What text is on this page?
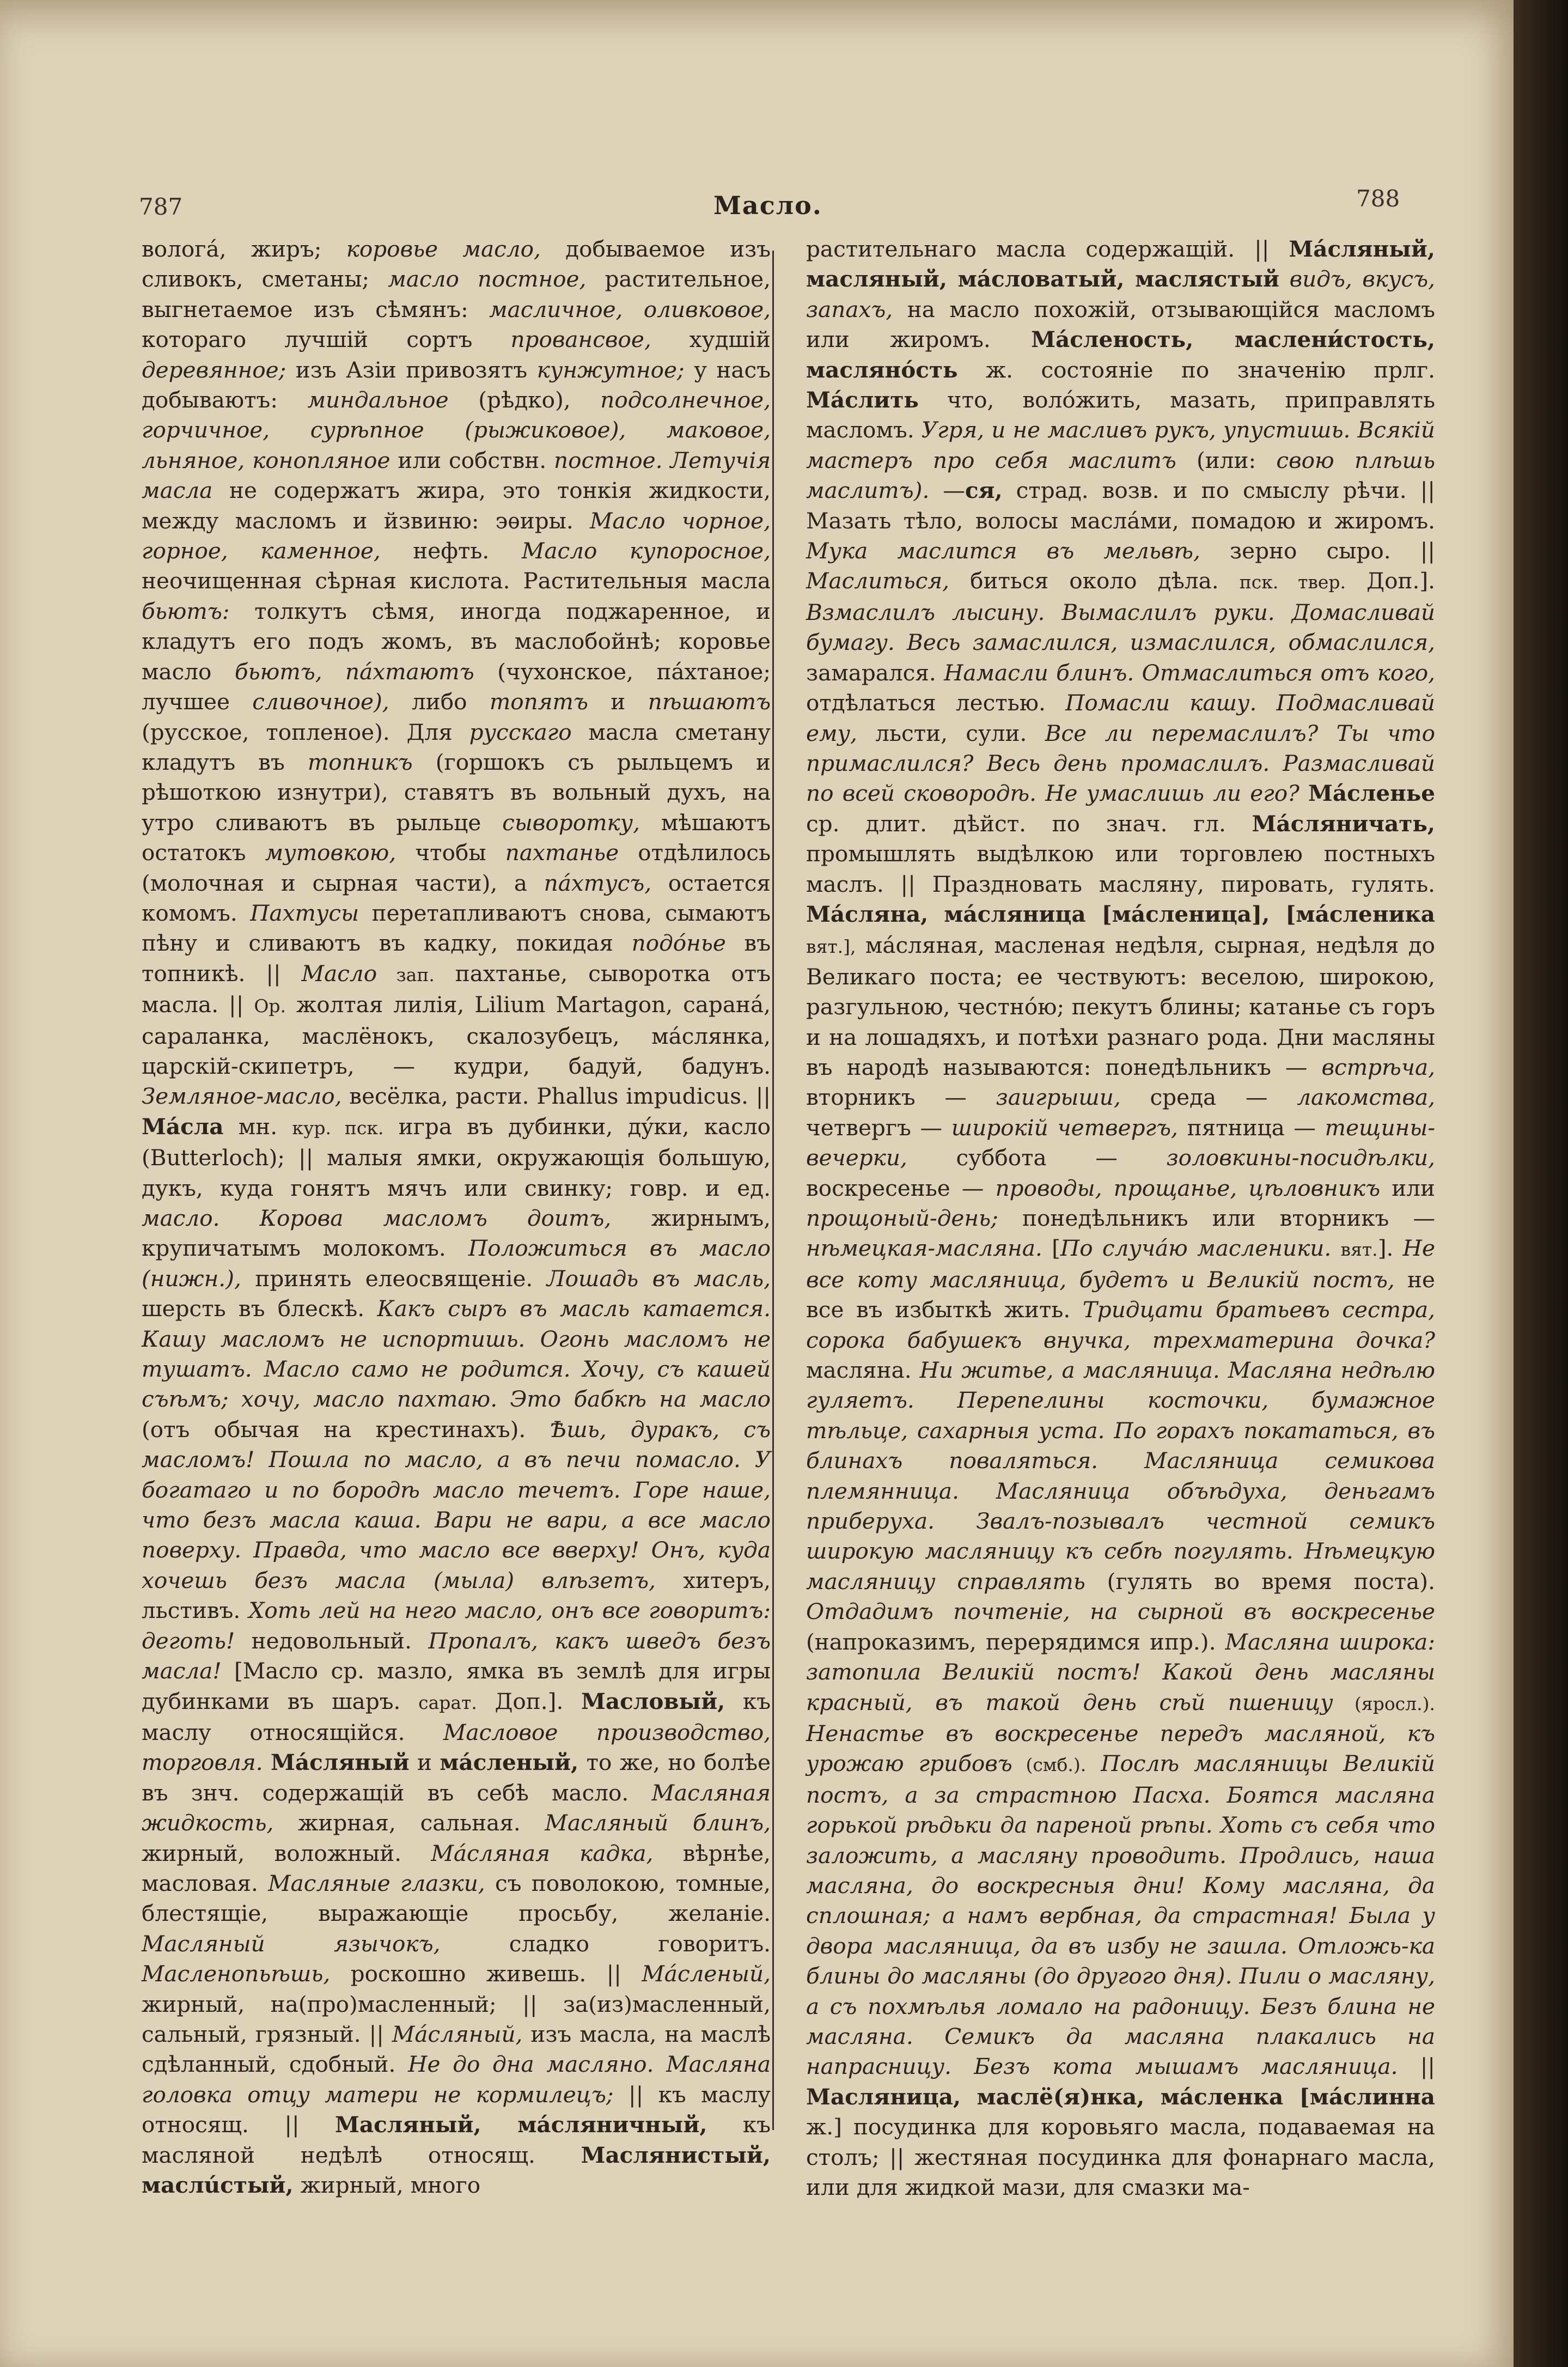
787	Масло.	788

вологá, жиръ; коровье масло, добываемое изъ сливокъ, сметаны; масло постное, растительное, выгнетаемое изъ сѣмянъ: масличное, оливковое, котораго лучшій сортъ провансвое, худшій деревянное; изъ Азіи привозятъ кунжутное; у насъ добываютъ: миндальное (рѣдко), подсолнечное, горчичное, сурѣпное (рыжиковое), маковое, льняное, конопляное или собствн. постное. Летучія масла не содержатъ жира, это тонкія жидкости, между масломъ и йзвиню: эѳиры. Масло чорное, горное, каменное, нефть. Масло купоросное, неочищенная сѣрная кислота. Растительныя масла бьютъ: толкутъ сѣмя, иногда поджаренное, и кладутъ его подъ жомъ, въ маслобойнѣ; коровье масло бьютъ, пáхтаютъ (чухонское, пáхтаное; лучшее сливочное), либо топятъ и пѣшаютъ (русское, топленое). Для русскаго масла сметану кладутъ въ топникъ (горшокъ съ рыльцемъ и рѣшоткою изнутри), ставятъ въ вольный духъ, на утро сливаютъ въ рыльце сыворотку, мѣшаютъ остатокъ мутовкою, чтобы пахтанье отдѣлилось (молочная и сырная части), а пáхтусъ, остается комомъ. Пахтусы перетапливаютъ снова, сымаютъ пѣну и сливаютъ въ кадку, покидая подóнье въ топникѣ. || Масло зап. пахтанье, сыворотка отъ масла. || Ор. жолтая лилія, Lilium Martagon, саранá, сараланка, маслёнокъ, скалозубецъ, мáслянка, царскій-скипетръ, — кудри, бадуй, бадунъ. Земляное-масло, весёлка, расти. Phallus impudicus. || Мáсла мн. кур. пск. игра въ дубинки, дýки, касло (Butterloch); || малыя ямки, окружающія большую, дукъ, куда гонятъ мячъ или свинку; говр. и ед. масло. Корова масломъ доитъ, жирнымъ, крупичатымъ молокомъ. Положиться въ масло (нижн.), принять елеосвященіе. Лошадь въ масль, шерсть въ блескѣ. Какъ сыръ въ масль катается. Кашу масломъ не испортишь. Огонь масломъ не тушатъ. Масло само не родится. Хочу, съ кашей съѣмъ; хочу, масло пахтаю. Это бабкѣ на масло (отъ обычая на крестинахъ). Ѣшь, дуракъ, съ масломъ! Пошла по масло, а въ печи помасло. У богатаго и по бородѣ масло течетъ. Горе наше, что безъ масла каша. Вари не вари, а все масло поверху. Правда, что масло все вверху! Онъ, куда хочешь безъ масла (мыла) влѣзетъ, хитеръ, льстивъ. Хоть лей на него масло, онъ все говоритъ: деготь! недовольный. Пропалъ, какъ шведъ безъ масла! [Масло ср. мазло, ямка въ землѣ для игры дубинками въ шаръ. сарат. Доп.]. Масловый, къ маслу относящійся. Масловое производство, торговля. Мáсляный и мáсленый, то же, но болѣе въ знч. содержащій въ себѣ масло. Масляная жидкость, жирная, сальная. Масляный блинъ, жирный, воложный. Мáсляная кадка, вѣрнѣе, масловая. Масляные глазки, съ поволокою, томные, блестящіе, выражающіе просьбу, желаніе. Масляный язычокъ, сладко говоритъ. Масленопьѣшь, роскошно живешь. || Мáсленый, жирный, на(про)масленный; || за(из)масленный, сальный, грязный. || Мáсляный, изъ масла, на маслѣ сдѣланный, сдобный. Не до дна масляно. Масляна головка отцу матери не кормилецъ; || къ маслу относящ. || Масляный, мáсляничный, къ масляной недѣлѣ относящ. Маслянистый, маслúстый, жирный, много

растительнаго масла содержащій. || Мáсляный, масляный, мáсловатый, маслястый видъ, вкусъ, запахъ, на масло похожій, отзывающійся масломъ или жиромъ. Мáсленость, маслени́стость, маслянóсть ж. состояніе по значенію прлг. Мáслить что, волóжить, мазать, приправлять масломъ. Угря, и не масливъ рукъ, упустишь. Всякій мастеръ про себя маслитъ (или: свою плѣшь маслитъ). —ся, страд. возв. и по смыслу рѣчи. || Мазать тѣло, волосы маслáми, помадою и жиромъ. Мука маслится въ мельвѣ, зерно сыро. || Маслиться, биться около дѣла. пск. твер. Доп.]. Взмаслилъ лысину. Вымаслилъ руки. Домасливай бумагу. Весь замаслился, измаслился, обмаслился, замарался. Намасли блинъ. Отмаслиться отъ кого, отдѣлаться лестью. Помасли кашу. Подмасливай ему, льсти, сули. Все ли перемаслилъ? Ты что примаслился? Весь день промаслилъ. Размасливай по всей сковородѣ. Не умаслишь ли его? Мáсленье ср. длит. дѣйст. по знач. гл. Мáсляничать, промышлять выдѣлкою или торговлею постныхъ маслъ. || Праздновать масляну, пировать, гулять. Мáсляна, мáсляница [мáсленица], [мáсленика вят.], мáсляная, масленая недѣля, сырная, недѣля до Великаго поста; ее чествуютъ: веселою, широкою, разгульною, честнóю; пекутъ блины; катанье съ горъ и на лошадяхъ, и потѣхи разнаго рода. Дни масляны въ народѣ называются: понедѣльникъ — встрѣча, вторникъ — заигрыши, среда — лакомства, четвергъ — широкій четвергъ, пятница — тещины-вечерки, суббота — золовкины-посидѣлки, воскресенье — проводы, прощанье, цѣловникъ или прощоный-день; понедѣльникъ или вторникъ — нѣмецкая-масляна. [По случáю масленики. вят.]. Не все коту масляница, будетъ и Великій постъ, не все въ избыткѣ жить. Тридцати братьевъ сестра, сорока бабушекъ внучка, трехматерина дочка? масляна. Ни житье, а масляница. Масляна недѣлю гуляетъ. Перепелины косточки, бумажное тѣльце, сахарныя уста. По горахъ покататься, въ блинахъ поваляться. Масляница семикова племянница. Масляница объѣдуха, деньгамъ приберуха. Звалъ-позывалъ честной семикъ широкую масляницу къ себѣ погулять. Нѣмецкую масляницу справлять (гулять во время поста). Отдадимъ почтеніе, на сырной въ воскресенье (напроказимъ, перерядимся ипр.). Масляна широка: затопила Великій постъ! Какой день масляны красный, въ такой день сѣй пшеницу (яросл.). Ненастье въ воскресенье передъ масляной, къ урожаю грибовъ (смб.). Послѣ масляницы Великій постъ, а за страстною Пасха. Боятся масляна горькой рѣдьки да пареной рѣпы. Хоть съ себя что заложить, а масляну проводить. Продлись, наша масляна, до воскресныя дни! Кому масляна, да сплошная; а намъ вербная, да страстная! Была у двора масляница, да въ избу не зашла. Отложь-ка блины до масляны (до другого дня). Пили о масляну, а съ похмѣлья ломало на радоницу. Безъ блина не масляна. Семикъ да масляна плакались на напрасницу. Безъ кота мышамъ масляница. || Масляница, маслё(я)нка, мáсленка [мáслинна ж.] посудинка для коровьяго масла, подаваемая на столъ; || жестяная посудинка для фонарнаго масла, или для жидкой мази, для смазки ма-
